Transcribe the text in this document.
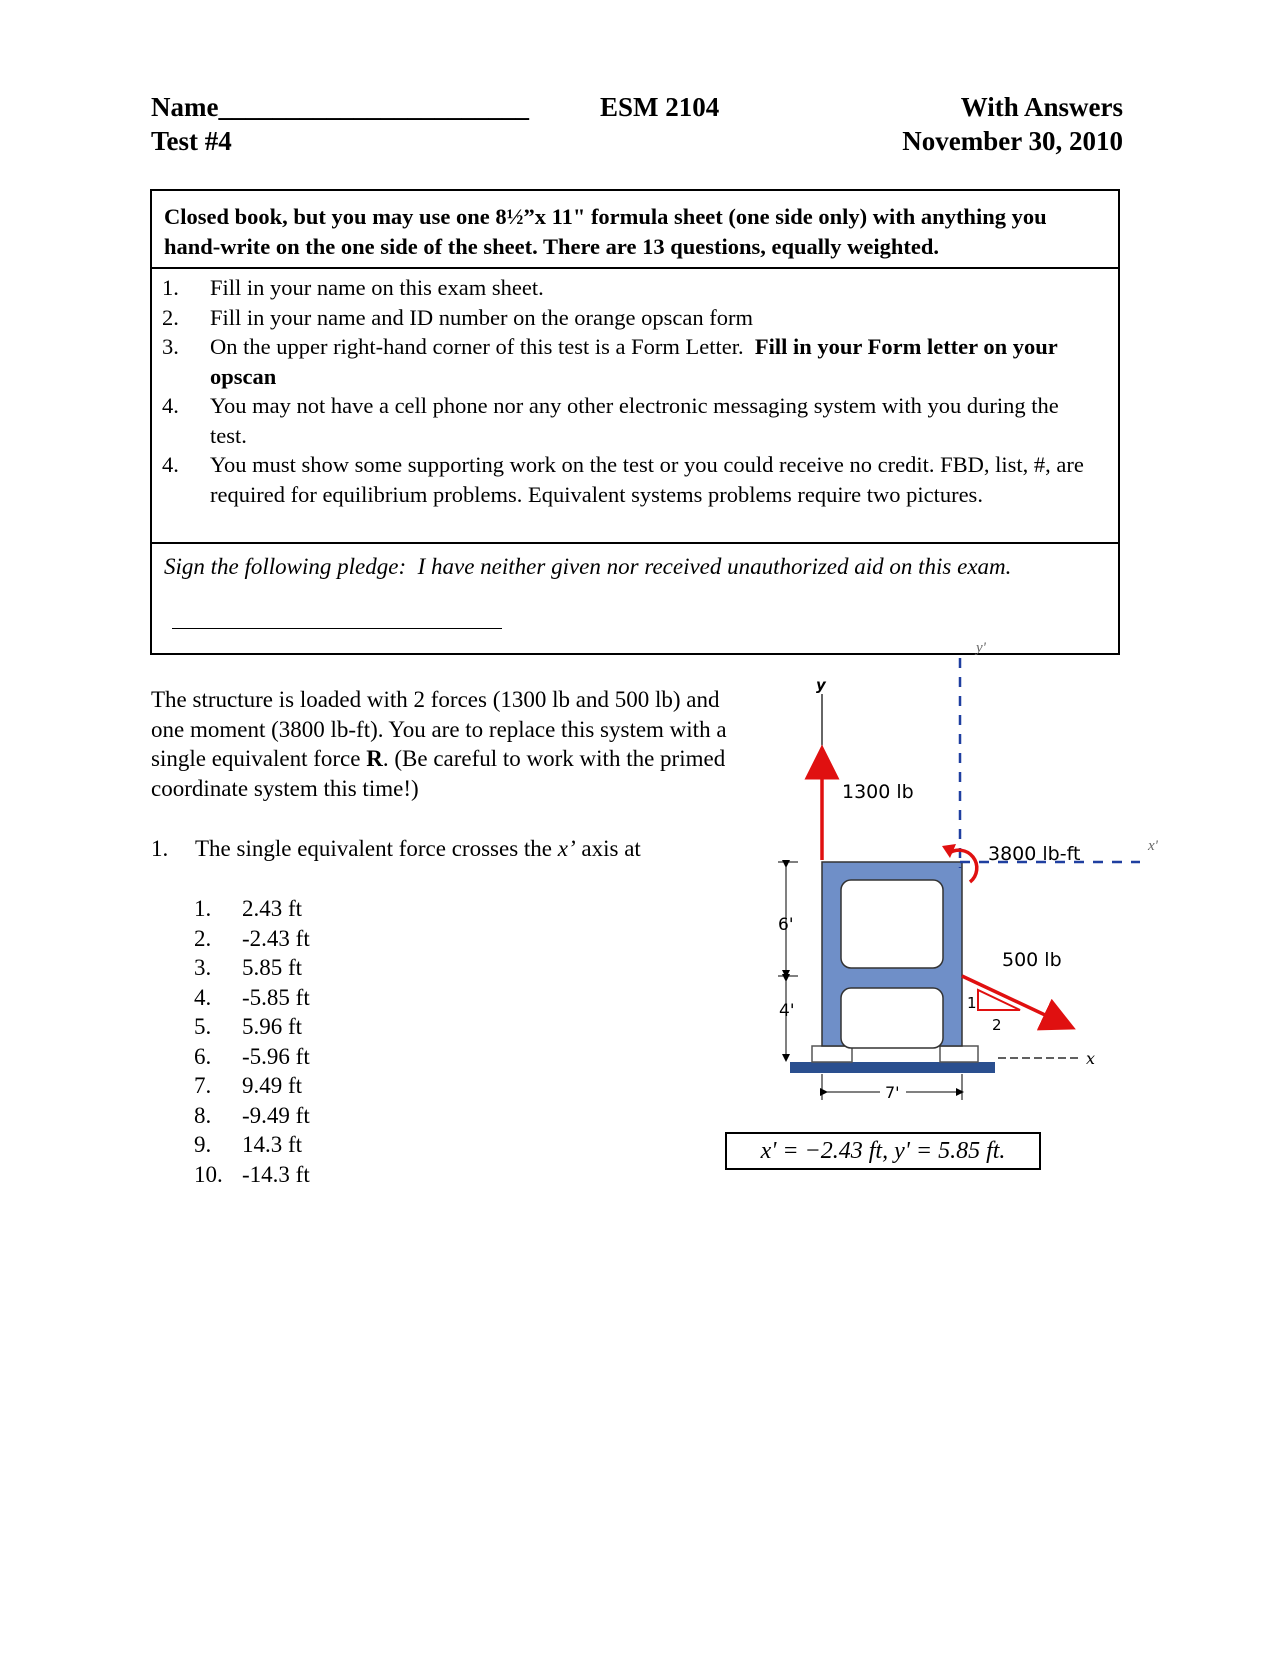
Name_______________________
Test #4
ESM 2104	With Answers
November 30, 2010
Closed book, but you may use one 8½”x 11" formula sheet (one side only) with anything you hand-write on the one side of the sheet. There are 13 questions, equally weighted.
1.	Fill in your name on this exam sheet.
2.	Fill in your name and ID number on the orange opscan form
3.	On the upper right-hand corner of this test is a Form Letter. Fill in your Form letter on your opscan
4.	You may not have a cell phone nor any other electronic messaging system with you during the test.
4.	You must show some supporting work on the test or you could receive no credit. FBD, list, #, are required for equilibrium problems. Equivalent systems problems require two pictures.
Sign the following pledge: I have neither given nor received unauthorized aid on this exam.
The structure is loaded with 2 forces (1300 lb and 500 lb) and one moment (3800 lb-ft). You are to replace this system with a single equivalent force R. (Be careful to work with the primed coordinate system this time!)
1.	The single equivalent force crosses the x’ axis at
1.	2.43 ft
2.	-2.43 ft
3.	5.85 ft
4.	-5.85 ft
5.	5.96 ft
6.	-5.96 ft
7.	9.49 ft
8.	-9.49 ft
9.	14.3 ft
10. -14.3 ft
y'
x'
y
1300 lb
3800 lb-ft
500 lb
1
2
x
6'
4'
7'
x' = −2.43 ft, y' = 5.85 ft.
